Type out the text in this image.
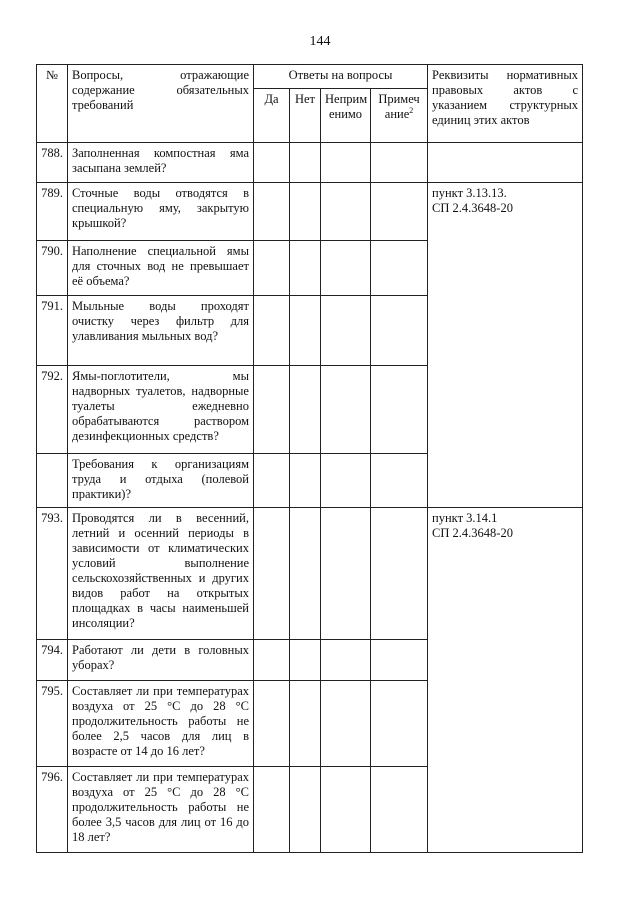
144
№	Вопросы, отражающие содержание обязательных требований	Ответы на вопросы				Реквизиты нормативных правовых актов с указанием структурных единиц этих актов
		Да	Нет	Неприм енимо	Примеч ание$^2$
788.	Заполненная компостная яма засыпана землей?					
789.	Сточные воды отводятся в специальную яму, закрытую крышкой?					пункт 3.13.13.
СП 2.4.3648-20

790.	Наполнение специальной ямы для сточных вод не превышает её объема?					
791.	Мыльные воды проходят очистку через фильтр для улавливания мыльных вод?					
792.	Ямы-поглотители, мы надворных туалетов, надворные туалеты ежедневно обрабатываются раствором дезинфекционных средств?					
	Требования к организациям труда и отдыха (полевой практики)?					
793.	Проводятся ли в весенний, летний и осенний периоды в зависимости от климатических условий выполнение сельскохозяйственных и других видов работ на открытых площадках в часы наименьшей инсоляции?					пункт 3.14.1
СП 2.4.3648-20

794.	Работают ли дети в головных уборах?					
795.	Составляет ли при температурах воздуха от 25 °С до 28 °С продолжительность работы не более 2,5 часов для лиц в возрасте от 14 до 16 лет?					
796.	Составляет ли при температурах воздуха от 25 °С до 28 °С продолжительность работы не более 3,5 часов для лиц от 16 до 18 лет?					
